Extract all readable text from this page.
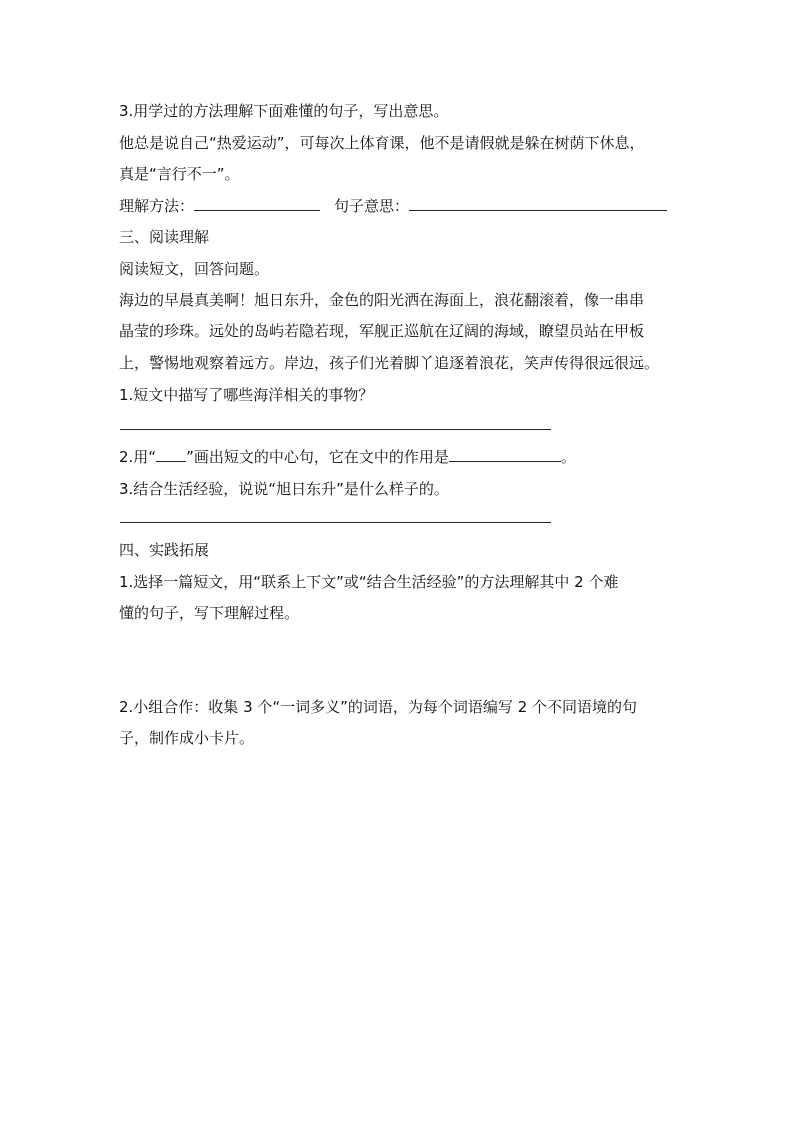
3.用学过的方法理解下面难懂的句子，写出意思。
他总是说自己“热爱运动”，可每次上体育课，他不是请假就是躲在树荫下休息，
真是“言行不一”。
理解方法：	句子意思：
三、阅读理解
阅读短文，回答问题。
海边的早晨真美啊！旭日东升，金色的阳光洒在海面上，浪花翻滚着，像一串串
晶莹的珍珠。远处的岛屿若隐若现，军舰正巡航在辽阔的海域，瞭望员站在甲板
上，警惕地观察着远方。岸边，孩子们光着脚丫追逐着浪花，笑声传得很远很远。
1.短文中描写了哪些海洋相关的事物？
2.用“ ”画出短文的中心句，它在文中的作用是	。
3.结合生活经验，说说“旭日东升”是什么样子的。
四、实践拓展
1.选择一篇短文，用“联系上下文”或“结合生活经验”的方法理解其中 2 个难
懂的句子，写下理解过程。
2.小组合作：收集 3 个“一词多义”的词语，为每个词语编写 2 个不同语境的句
子，制作成小卡片。
